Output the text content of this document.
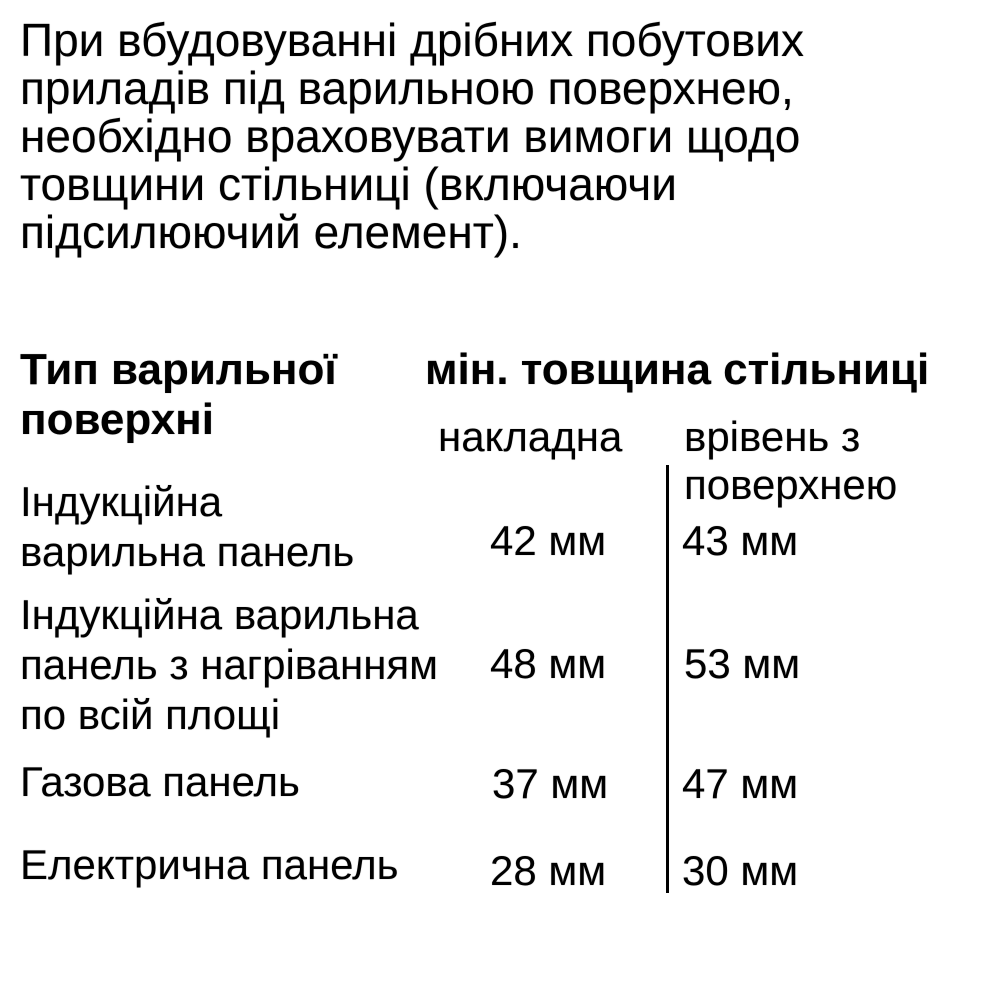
При вбудовуванні дрібних побутових
приладів під варильною поверхнею,
необхідно враховувати вимоги щодо
товщини стільниці (включаючи
підсилюючий елемент).
Тип варильної
поверхні
мін. товщина стільниці
накладна врівень з
поверхнею
Індукційна
варильна панель	42 мм 43 мм
Індукційна варильна
панель з нагріванням
по всій площі
48 мм 53 мм
Газова панель	37 мм 47 мм
Електрична панель 28 мм 30 мм
